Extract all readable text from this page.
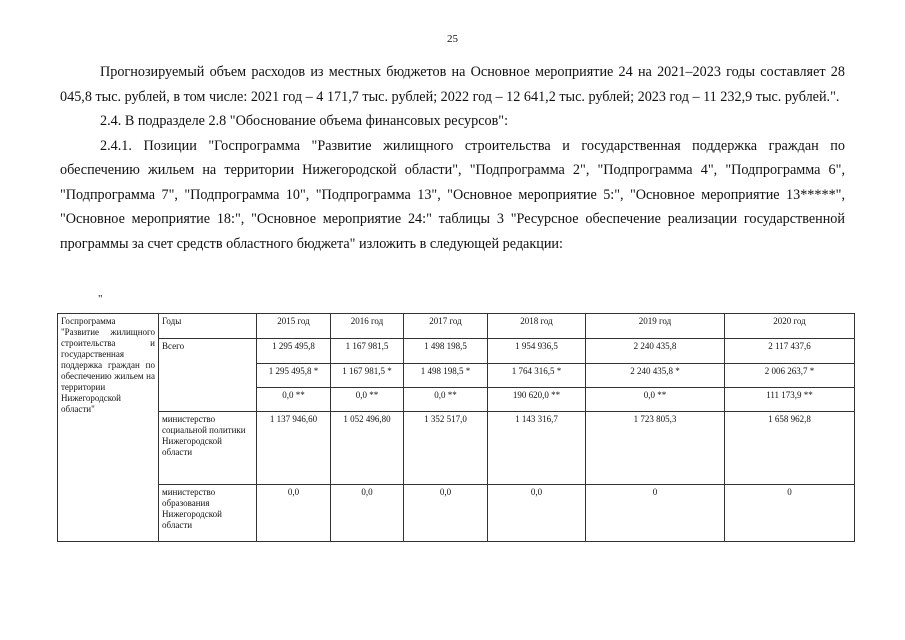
25

Прогнозируемый объем расходов из местных бюджетов на Основное мероприятие 24 на 2021–2023 годы составляет 28 045,8 тыс. рублей, в том числе: 2021 год – 4 171,7 тыс. рублей; 2022 год – 12 641,2 тыс. рублей; 2023 год – 11 232,9 тыс. рублей.".

2.4. В подразделе 2.8 "Обоснование объема финансовых ресурсов":

2.4.1. Позиции "Госпрограмма "Развитие жилищного строительства и государственная поддержка граждан по обеспечению жильем на территории Нижегородской области", "Подпрограмма 2", "Подпрограмма 4", "Подпрограмма 6", "Подпрограмма 7", "Подпрограмма 10", "Подпрограмма 13", "Основное мероприятие 5:", "Основное мероприятие 13*****", "Основное мероприятие 18:", "Основное мероприятие 24:" таблицы 3 "Ресурсное обеспечение реализации государственной программы за счет средств областного бюджета" изложить в следующей редакции:

"
Госпрограмма "Развитие жилищного строительства и государственная поддержка граждан по обеспечению жильем на территории Нижегородской области"	Годы	2015 год	2016 год	2017 год	2018 год	2019 год	2020 год
	Всего	1 295 495,8	1 167 981,5	1 498 198,5	1 954 936,5	2 240 435,8	2 117 437,6
		1 295 495,8 *	1 167 981,5 *	1 498 198,5 *	1 764 316,5 *	2 240 435,8 *	2 006 263,7 *
		0,0 **	0,0 **	0,0 **	190 620,0 **	0,0 **	111 173,9 **
	министерство социальной политики Нижегородской области	1 137 946,60	1 052 496,80	1 352 517,0	1 143 316,7	1 723 805,3	1 658 962,8
	министерство образования Нижегородской области	0,0	0,0	0,0	0,0	0	0
